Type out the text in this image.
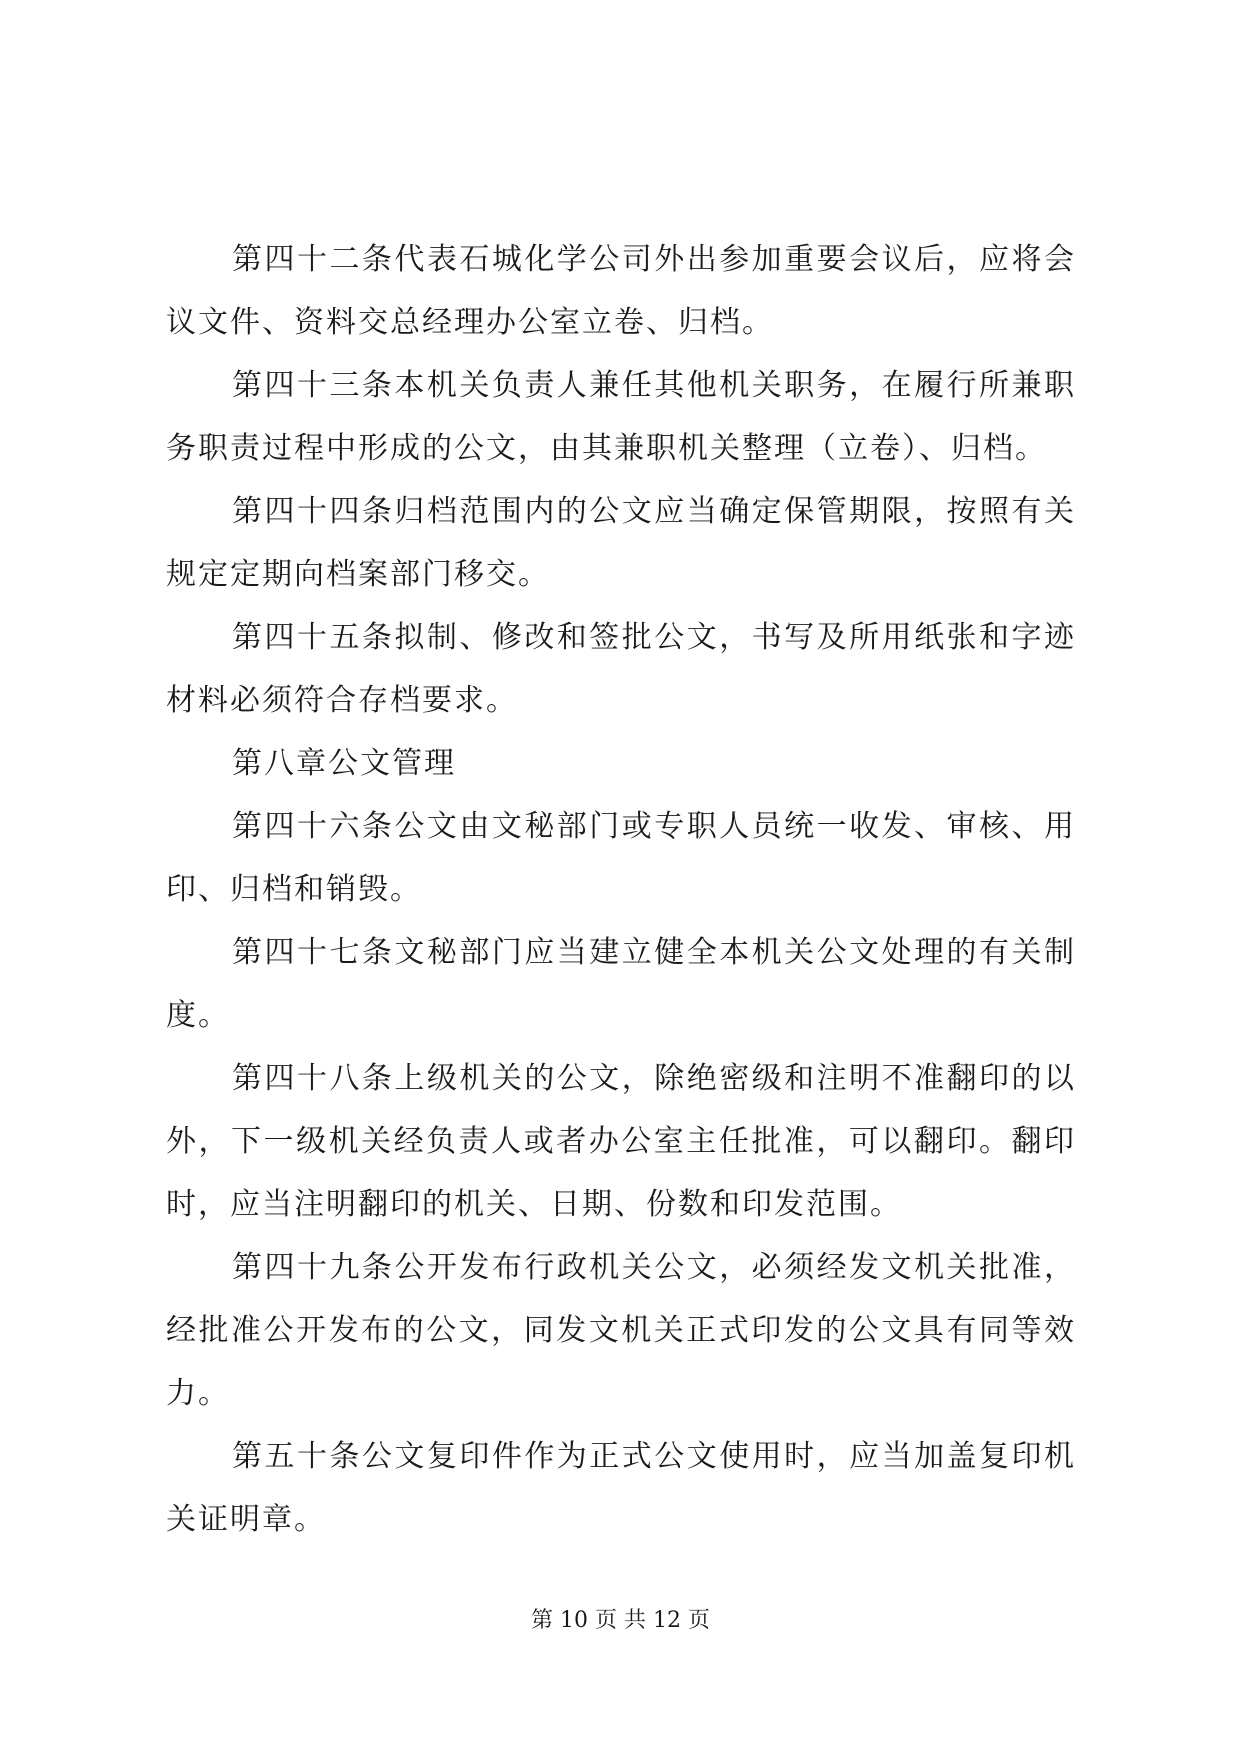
第四十二条代表石城化学公司外出参加重要会议后，应将会议文件、资料交总经理办公室立卷、归档。

第四十三条本机关负责人兼任其他机关职务，在履行所兼职务职责过程中形成的公文，由其兼职机关整理（立卷）、归档。

第四十四条归档范围内的公文应当确定保管期限，按照有关规定定期向档案部门移交。

第四十五条拟制、修改和签批公文，书写及所用纸张和字迹材料必须符合存档要求。

第八章公文管理

第四十六条公文由文秘部门或专职人员统一收发、审核、用印、归档和销毁。

第四十七条文秘部门应当建立健全本机关公文处理的有关制度。

第四十八条上级机关的公文，除绝密级和注明不准翻印的以外，下一级机关经负责人或者办公室主任批准，可以翻印。翻印时，应当注明翻印的机关、日期、份数和印发范围。

第四十九条公开发布行政机关公文，必须经发文机关批准，经批准公开发布的公文，同发文机关正式印发的公文具有同等效力。

第五十条公文复印件作为正式公文使用时，应当加盖复印机关证明章。

第 10 页 共 12 页
